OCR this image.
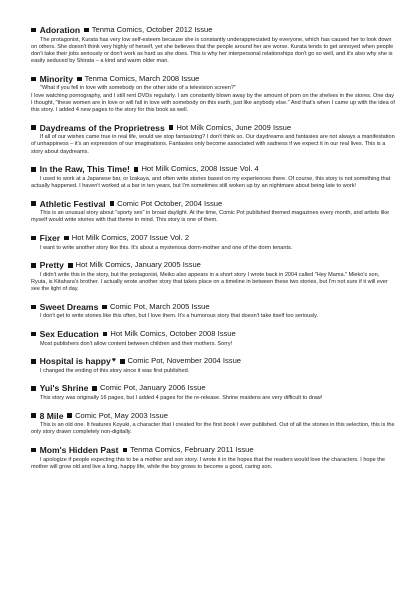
Adoration Tenma Comics, October 2012 Issue

The protagonist, Kurata has very low self-esteem because she is constantly underappreciated by everyone, which has caused her to look down on others. She doesn't think very highly of herself, yet she believes that the people around her are worse. Kurata tends to get annoyed when people don't take their jobs seriously or don't work as hard as she does. This is why her interpersonal relationships don't go so well, and it's also why she is easily seduced by Shirata – a kind and warm older man.

Minority Tenma Comics, March 2008 Issue

"What if you fell in love with somebody on the other side of a television screen?"

I love watching pornography, and I still rent DVDs regularly. I am constantly blown away by the amount of porn on the shelves in the stores. One day I thought, "these women are in love or will fall in love with somebody on this earth, just like anybody else." And that's when I came up with the idea of this story. I added 4 new pages to the story for this book as well.

Daydreams of the Proprietress Hot Milk Comics, June 2009 Issue

If all of our wishes came true in real life, would we stop fantasizing? I don't think so. Our daydreams and fantasies are not always a manifestation of unhappiness – it's an expression of our imaginations. Fantasies only become associated with sadness if we expect it in our real lives. This is a story about daydreams.

In the Raw, This Time! Hot Milk Comics, 2008 Issue Vol. 4

I used to work at a Japanese bar, or Izakaya, and often write stories based on my experiences there. Of course, this story is not something that actually happened. I haven't worked at a bar in ten years, but I'm sometimes still woken up by an nightmare about being late to work!

Athletic Festival Comic Pot October, 2004 Issue

This is an unusual story about "sporty sex" in broad daylight. At the time, Comic Pot published themed magazines every month, and artists like myself would write stories with that theme in mind. This story is one of them.

Fixer Hot Milk Comics, 2007 Issue Vol. 2

I want to write another story like this. It's about a mysterious dorm-mother and one of the dorm tenants.

Pretty Hot Milk Comics, January 2005 Issue

I didn't write this in the story, but the protagonist, Meiko also appears in a short story I wrote back in 2004 called "Hey Mama." Mieko's son, Ryuta, is Kitahara's brother. I actually wrote another story that takes place on a timeline in between these two stories, but I'm not sure if it will ever see the light of day.

Sweet Dreams Comic Pot, March 2005 Issue

I don't get to write stories like this often, but I love them. It's a humorous story that doesn't take itself too seriously.

Sex Education Hot Milk Comics, October 2008 Issue

Most publishers don't allow content between children and their mothers. Sorry!

Hospital is happy ♥ Comic Pot, November 2004 Issue

I changed the ending of this story since it was first published.

Yui's Shrine Comic Pot, January 2006 Issue

This story was originally 16 pages, but I added 4 pages for the re-release. Shrine maidens are very difficult to draw!

8 Mile Comic Pot, May 2003 Issue

This is an old one. It features Koyuki, a character that I created for the first book I ever published. Out of all the stories in this selection, this is the only story drawn completely non-digitally.

Mom's Hidden Past Tenma Comics, February 2011 Issue

I apologize if people expecting this to be a mother and son story. I wrote it in the hopes that the readers would love the characters. I hope the mother will grow old and live a long, happy life, while the boy grows to become a good, caring son.
